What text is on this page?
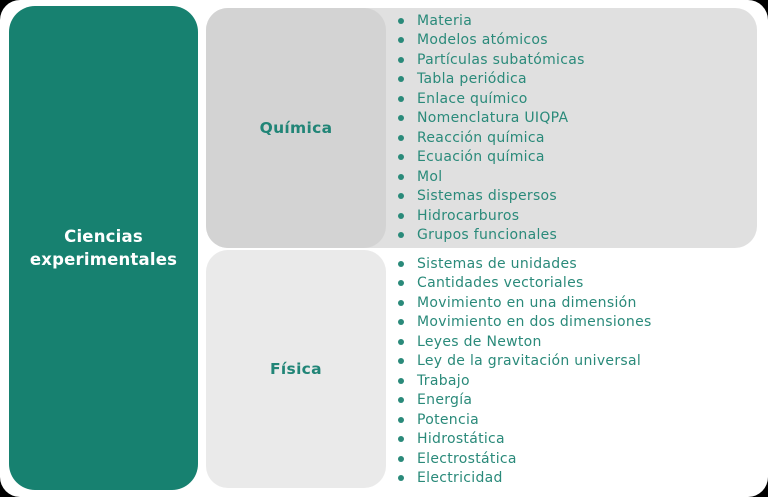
Ciencias experimentales
Química
Física
Materia
Modelos atómicos
Partículas subatómicas
Tabla periódica
Enlace químico
Nomenclatura UIQPA
Reacción química
Ecuación química
Mol
Sistemas dispersos
Hidrocarburos
Grupos funcionales
Sistemas de unidades
Cantidades vectoriales
Movimiento en una dimensión
Movimiento en dos dimensiones
Leyes de Newton
Ley de la gravitación universal
Trabajo
Energía
Potencia
Hidrostática
Electrostática
Electricidad
